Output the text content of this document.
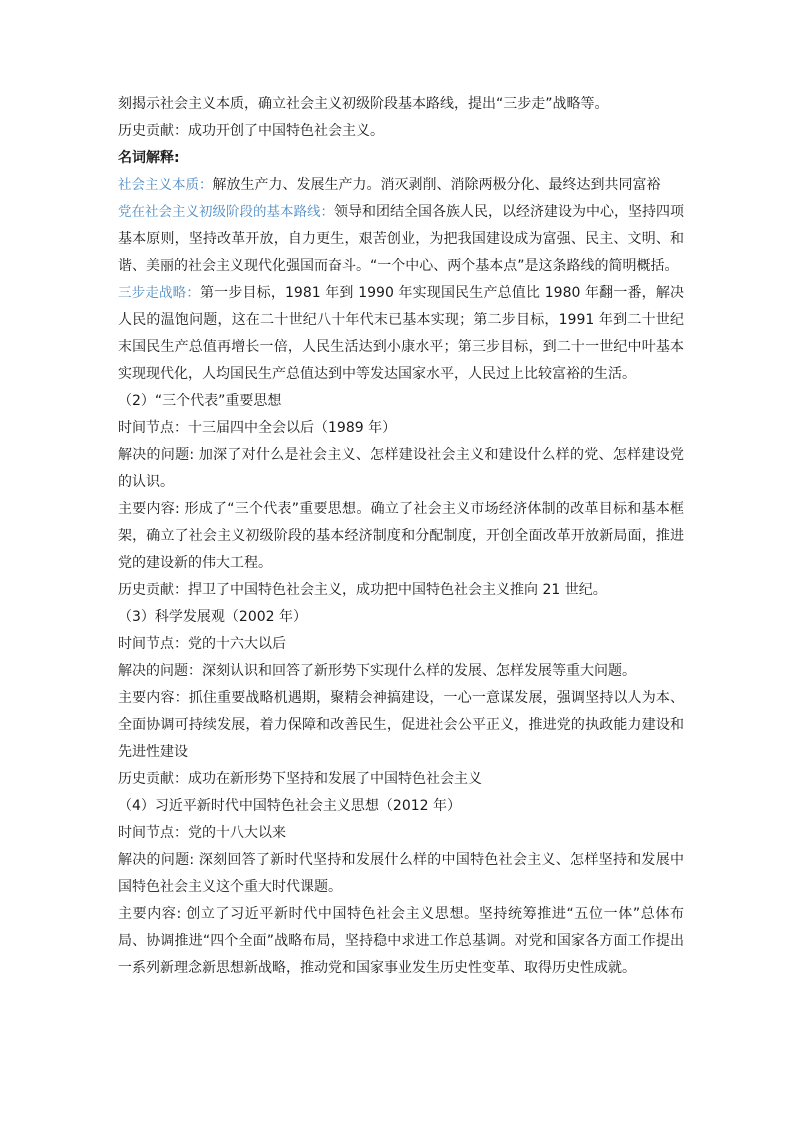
刻揭示社会主义本质，确立社会主义初级阶段基本路线，提出“三步走”战略等。

历史贡献：成功开创了中国特色社会主义。

名词解释:

社会主义本质：解放生产力、发展生产力。消灭剥削、消除两极分化、最终达到共同富裕

党在社会主义初级阶段的基本路线：领导和团结全国各族人民，以经济建设为中心，坚持四项基本原则，坚持改革开放，自力更生，艰苦创业，为把我国建设成为富强、民主、文明、和谐、美丽的社会主义现代化强国而奋斗。“一个中心、两个基本点”是这条路线的简明概括。

三步走战略：第一步目标，1981 年到 1990 年实现国民生产总值比 1980 年翻一番，解决人民的温饱问题，这在二十世纪八十年代末已基本实现；第二步目标，1991 年到二十世纪末国民生产总值再增长一倍，人民生活达到小康水平；第三步目标，到二十一世纪中叶基本实现现代化，人均国民生产总值达到中等发达国家水平，人民过上比较富裕的生活。

（2）“三个代表”重要思想

时间节点：十三届四中全会以后（1989 年）

解决的问题: 加深了对什么是社会主义、怎样建设社会主义和建设什么样的党、怎样建设党的认识。

主要内容: 形成了“三个代表”重要思想。确立了社会主义市场经济体制的改革目标和基本框架，确立了社会主义初级阶段的基本经济制度和分配制度，开创全面改革开放新局面，推进党的建设新的伟大工程。

历史贡献：捍卫了中国特色社会主义，成功把中国特色社会主义推向 21 世纪。

（3）科学发展观（2002 年）

时间节点：党的十六大以后

解决的问题：深刻认识和回答了新形势下实现什么样的发展、怎样发展等重大问题。

主要内容：抓住重要战略机遇期，聚精会神搞建设，一心一意谋发展，强调坚持以人为本、全面协调可持续发展，着力保障和改善民生，促进社会公平正义，推进党的执政能力建设和先进性建设

历史贡献：成功在新形势下坚持和发展了中国特色社会主义

（4）习近平新时代中国特色社会主义思想（2012 年）

时间节点：党的十八大以来

解决的问题: 深刻回答了新时代坚持和发展什么样的中国特色社会主义、怎样坚持和发展中国特色社会主义这个重大时代课题。

主要内容: 创立了习近平新时代中国特色社会主义思想。坚持统筹推进“五位一体”总体布局、协调推进“四个全面”战略布局，坚持稳中求进工作总基调。对党和国家各方面工作提出一系列新理念新思想新战略，推动党和国家事业发生历史性变革、取得历史性成就。
